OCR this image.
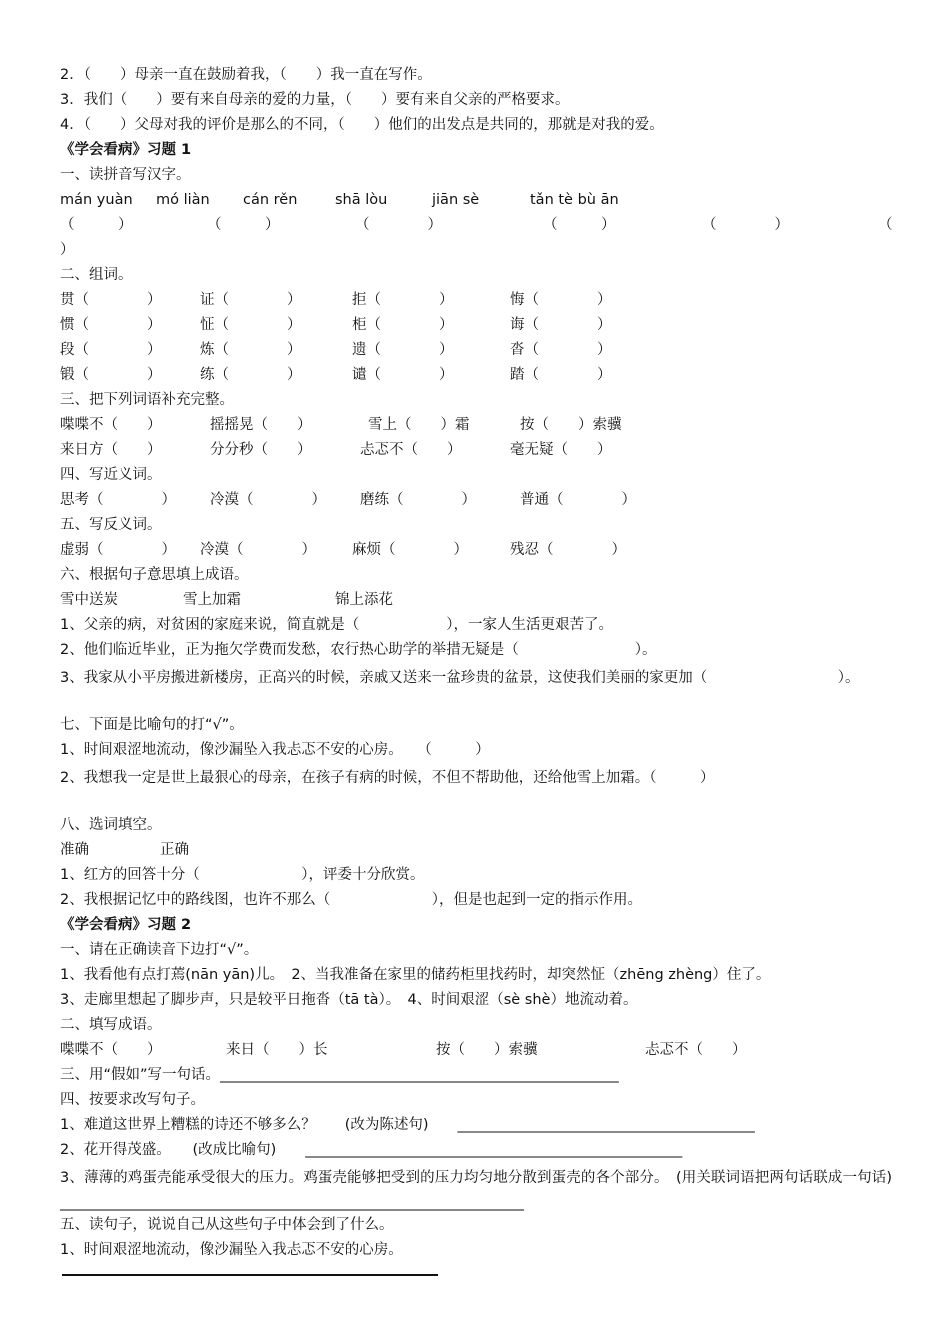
2．（　　）母亲一直在鼓励着我，（　　）我一直在写作。
3．我们（　　）要有来自母亲的爱的力量，（　　）要有来自父亲的严格要求。
4．（　　）父母对我的评价是那么的不同，（　　）他们的出发点是共同的，那就是对我的爱。
《学会看病》习题 1
一、读拼音写汉字。
mán yuàn mó liàn cán rěn	shā lòu	jiān sè	tǎn tè bù ān
（　　　）	（　　　）	（　　　　）	（　　　）	（　　　　）	（
）
二、组词。
贯（　　　　）	证（　　　　）	拒（　　　　）	悔（　　　　）
惯（　　　　）	怔（　　　　）	柜（　　　　）	诲（　　　　）
段（　　　　）	炼（　　　　）	遗（　　　　）	沓（　　　　）
锻（　　　　）	练（　　　　）	谴（　　　　）	踏（　　　　）
三、把下列词语补充完整。
喋喋不（　　）	摇摇晃（　　）	雪上（　　）霜	按（　　）索骥
来日方（　　）	分分秒（　　）	忐忑不（　　）	毫无疑（　　）
四、写近义词。
思考（　　　　） 冷漠（　　　　） 磨练（　　　　）	普通（　　　　）
五、写反义词。
虚弱（　　　　） 冷漠（　　　　） 麻烦（　　　　）	残忍（　　　　）
六、根据句子意思填上成语。
雪中送炭	雪上加霜	锦上添花
1、父亲的病，对贫困的家庭来说，简直就是（　　　　　　），一家人生活更艰苦了。
2、他们临近毕业，正为拖欠学费而发愁，农行热心助学的举措无疑是（　　　　　　　　）。
3、我家从小平房搬进新楼房，正高兴的时候，亲戚又送来一盆珍贵的盆景，这使我们美丽的家更加（　　　　　　　　　）。
七、下面是比喻句的打“√”。
1、时间艰涩地流动，像沙漏坠入我忐忑不安的心房。　　（　　　）
2、我想我一定是世上最狠心的母亲，在孩子有病的时候，不但不帮助他，还给他雪上加霜。（　　　）
八、选词填空。
准确	正确
1、红方的回答十分（　　　　　　　），评委十分欣赏。
2、我根据记忆中的路线图，也许不那么（　　　　　　　），但是也起到一定的指示作用。
《学会看病》习题 2
一、请在正确读音下边打“√”。
1、我看他有点打蔫(nān yān)儿。　2、当我准备在家里的储药柜里找药时，却突然怔（zhēng zhèng）住了。
3、走廊里想起了脚步声，只是较平日拖沓（tā tà）。　4、时间艰涩（sè shè）地流动着。
二、填写成语。
喋喋不（　　）	来日（　　）长	按（　　）索骥	忐忑不（　　）
三、用“假如”写一句话。_______________________________________________________
四、按要求改写句子。
1、难道这世界上糟糕的诗还不够多么？　　(改为陈述句)　　_________________________________________
2、花开得茂盛。　　(改成比喻句)　　____________________________________________________
3、薄薄的鸡蛋壳能承受很大的压力。鸡蛋壳能够把受到的压力均匀地分散到蛋壳的各个部分。　(用关联词语把两句话联成一句话)　　________________________________________________________________
五、读句子，说说自己从这些句子中体会到了什么。
1、时间艰涩地流动，像沙漏坠入我忐忑不安的心房。
